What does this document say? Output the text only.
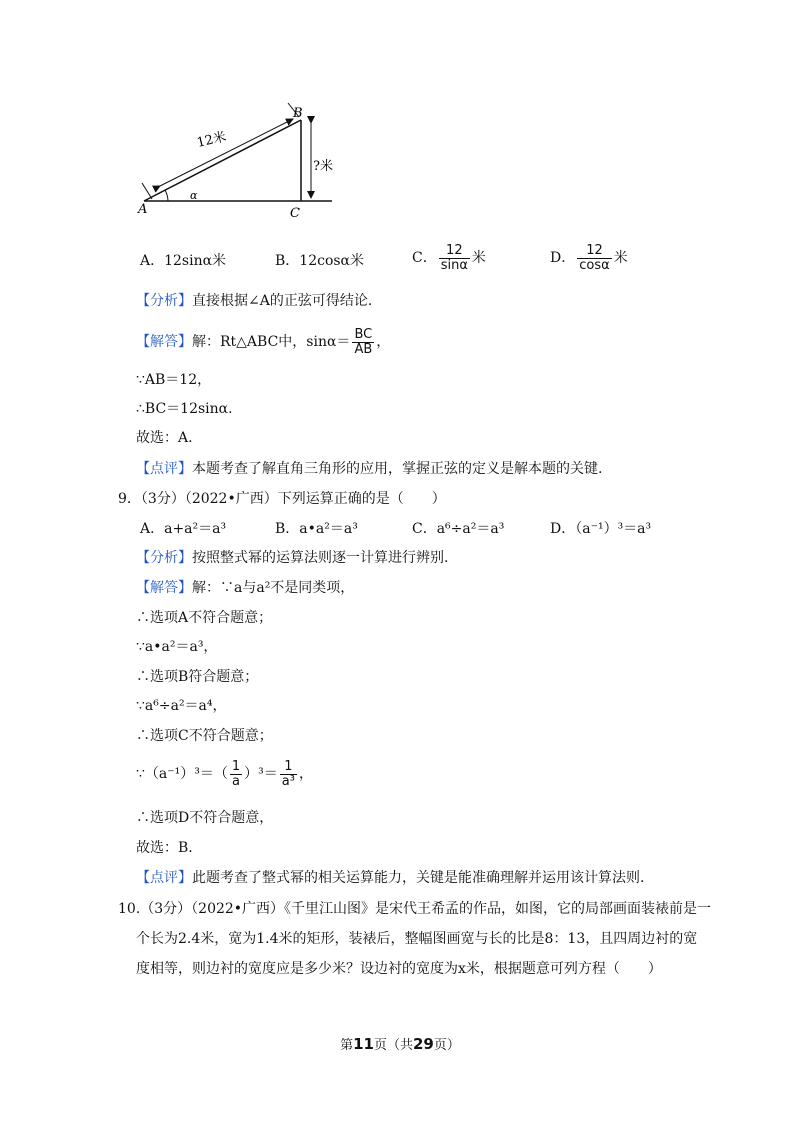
12米
?米
α
A
B
C
A．12sinα米	B．12cosα米	C． $\frac{12}{\sin\alpha}$ 米	D． $\frac{12}{\cos\alpha}$ 米
【分析】直接根据∠A的正弦可得结论.
【解答】解：Rt△ABC中，$\sin\alpha= \frac{BC}{AB}$ ，
∵AB＝12，
∴BC＝12sinα.
故选：A.
【点评】本题考查了解直角三角形的应用，掌握正弦的定义是解本题的关键.
9．（3分）（2022•广西）下列运算正确的是（　　）
A．a+a²＝a³	B．a•a²＝a³	C．a⁶÷a²＝a³	D．（a⁻¹）³＝a³
【分析】按照整式幂的运算法则逐一计算进行辨别.
【解答】解：∵a与a²不是同类项，
∴选项A不符合题意；
∵a•a²＝a³，
∴选项B符合题意；
∵a⁶÷a²＝a⁴，
∴选项C不符合题意；
∵（a⁻¹）³＝（ $\frac{1}{a} )^3= \frac{1}{\text{a³}}$ ，
∴选项D不符合题意，
故选：B.
【点评】此题考查了整式幂的相关运算能力，关键是能准确理解并运用该计算法则.
10.（3分）（2022•广西）《千里江山图》是宋代王希孟的作品，如图，它的局部画面装裱前是一
个长为2.4米，宽为1.4米的矩形，装裱后，整幅图画宽与长的比是8：13，且四周边衬的宽
度相等，则边衬的宽度应是多少米？设边衬的宽度为x米，根据题意可列方程（　　）
第11页（共29页）
